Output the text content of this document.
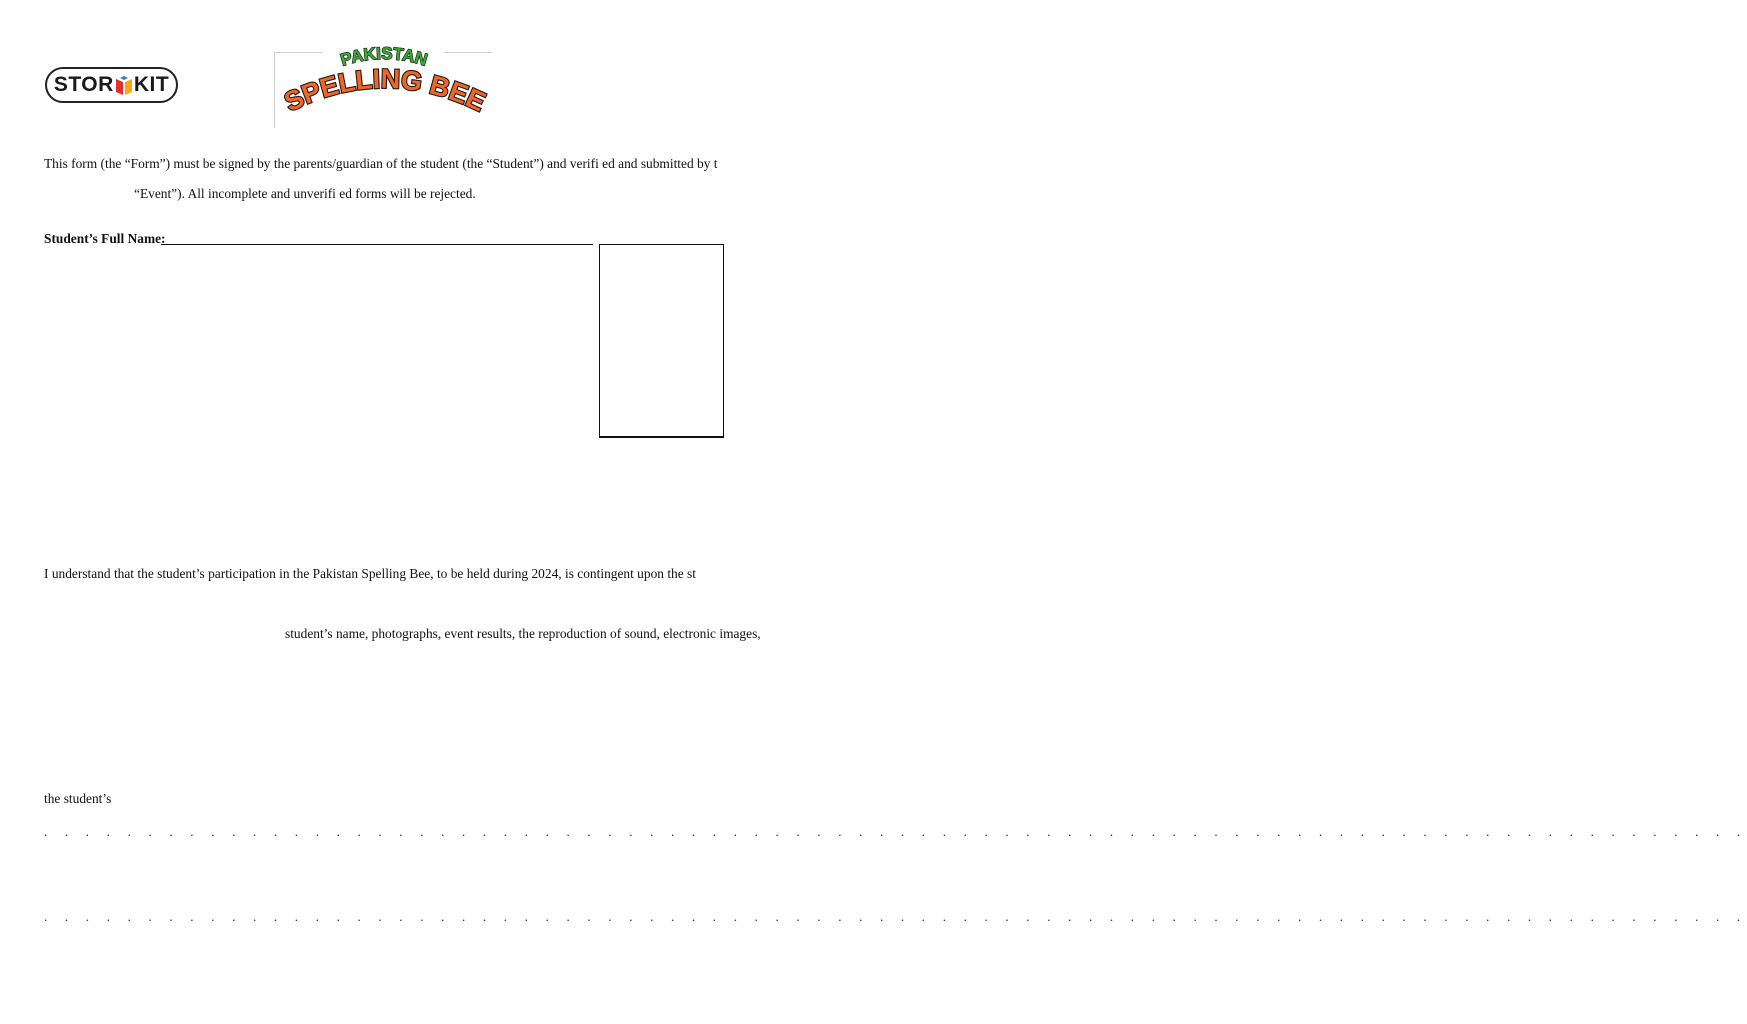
STOR KIT
PAKISTAN
SPELLING BEE
This form (the “Form”) must be signed by the parents/guardian of the student (the “Student”) and verifi ed and submitted by t
“Event”). All incomplete and unverifi ed forms will be rejected.
Student’s Full Name:
I understand that the student’s participation in the Pakistan Spelling Bee, to be held during 2024, is contingent upon the st
student’s name, photographs, event results, the reproduction of sound, electronic images,
the student’s
. . . . . . . . . . . . . . . . . . . . . . . . . . . . . . . . . . . . . . . . . . . . . . . . . . . . . . . . . . . . . . . . . . . . . . . . . . . . . . . . . .
. . . . . . . . . . . . . . . . . . . . . . . . . . . . . . . . . . . . . . . . . . . . . . . . . . . . . . . . . . . . . . . . . . . . . . . . . . . . . . . . . .
